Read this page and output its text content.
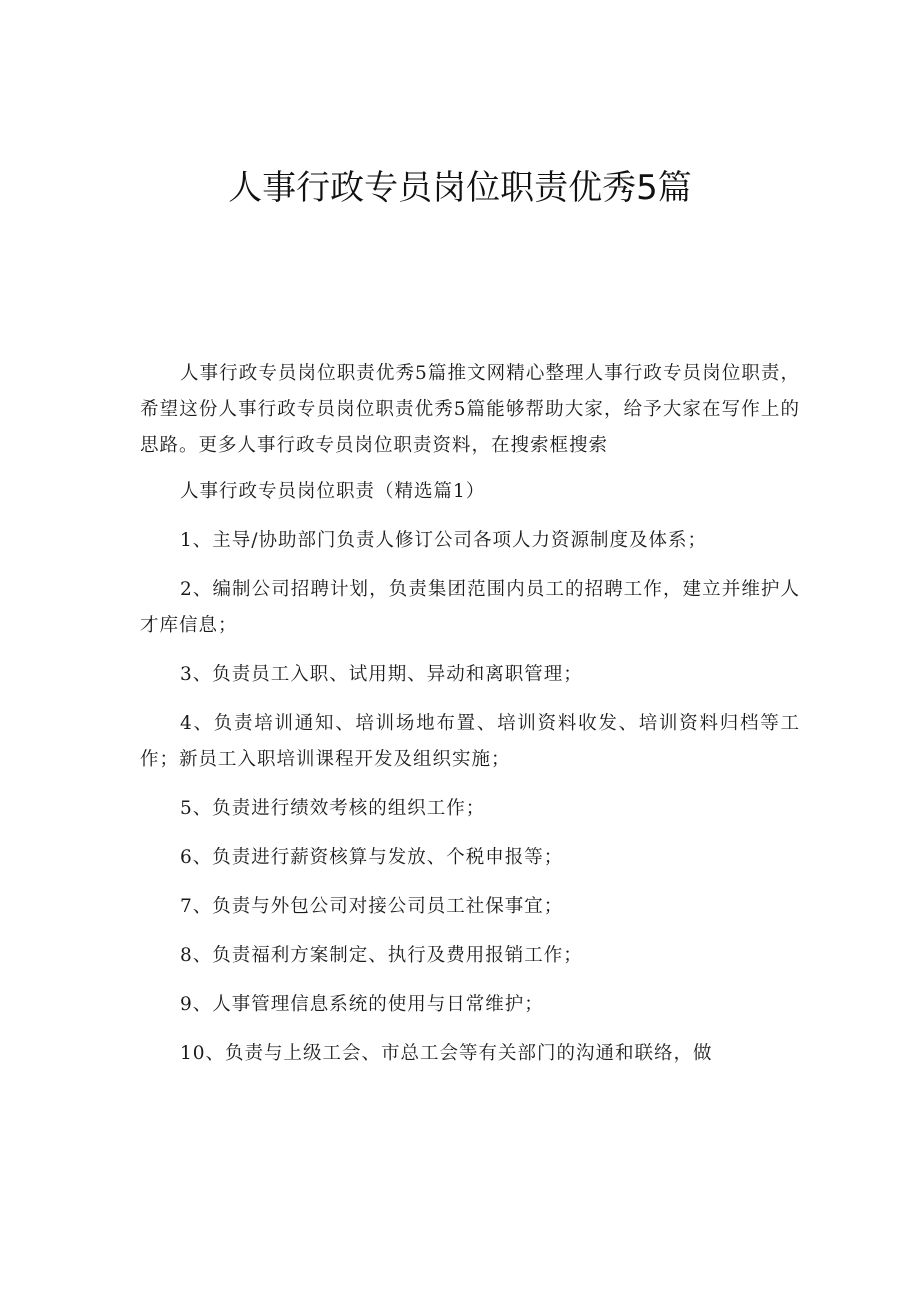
人事行政专员岗位职责优秀5篇

人事行政专员岗位职责优秀5篇推文网精心整理人事行政专员岗位职责，希望这份人事行政专员岗位职责优秀5篇能够帮助大家，给予大家在写作上的思路。更多人事行政专员岗位职责资料，在搜索框搜索

人事行政专员岗位职责（精选篇1）

1、主导/协助部门负责人修订公司各项人力资源制度及体系；

2、编制公司招聘计划，负责集团范围内员工的招聘工作，建立并维护人才库信息；

3、负责员工入职、试用期、异动和离职管理；

4、负责培训通知、培训场地布置、培训资料收发、培训资料归档等工作；新员工入职培训课程开发及组织实施；

5、负责进行绩效考核的组织工作；

6、负责进行薪资核算与发放、个税申报等；

7、负责与外包公司对接公司员工社保事宜；

8、负责福利方案制定、执行及费用报销工作；

9、人事管理信息系统的使用与日常维护；

10、负责与上级工会、市总工会等有关部门的沟通和联络，做
